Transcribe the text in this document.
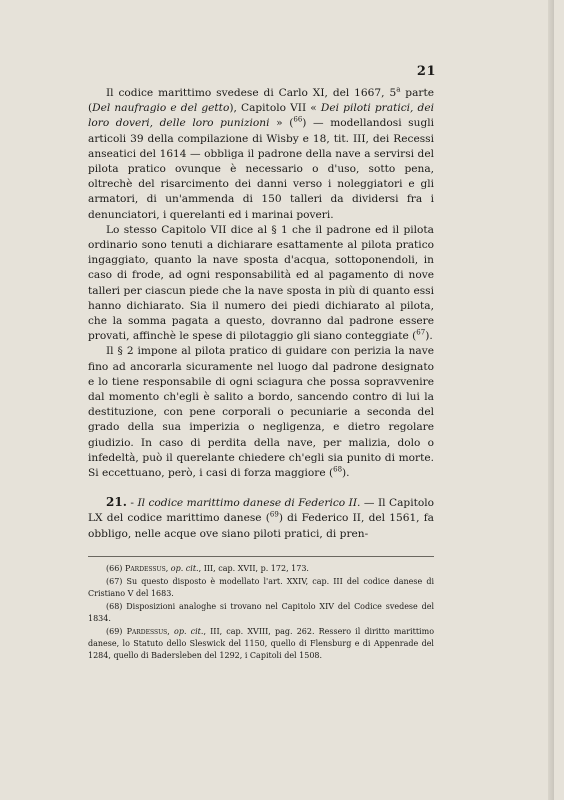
21

Il codice marittimo svedese di Carlo XI, del 1667, 5$^a$ parte (Del naufragio e del getto), Capitolo VII « Dei piloti pratici, dei loro doveri, delle loro punizioni » ($^{66}$) — modellandosi sugli articoli 39 della compilazione di Wisby e 18, tit. III, dei Recessi anseatici del 1614 — obbliga il padrone della nave a servirsi del pilota pratico ovunque è necessario o d'uso, sotto pena, oltrechè del risarcimento dei danni verso i noleggiatori e gli armatori, di un'ammenda di 150 talleri da dividersi fra i denunciatori, i querelanti ed i marinai poveri.

Lo stesso Capitolo VII dice al § 1 che il padrone ed il pilota ordinario sono tenuti a dichiarare esattamente al pilota pratico ingaggiato, quanto la nave sposta d'acqua, sottoponendoli, in caso di frode, ad ogni responsabilità ed al pagamento di nove talleri per ciascun piede che la nave sposta in più di quanto essi hanno dichiarato. Sia il numero dei piedi dichiarato al pilota, che la somma pagata a questo, dovranno dal padrone essere provati, affinchè le spese di pilotaggio gli siano conteggiate ($^{67}$).

Il § 2 impone al pilota pratico di guidare con perizia la nave fino ad ancorarla sicuramente nel luogo dal padrone designato e lo tiene responsabile di ogni sciagura che possa sopravvenire dal momento ch'egli è salito a bordo, sancendo contro di lui la destituzione, con pene corporali o pecuniarie a seconda del grado della sua imperizia o negligenza, e dietro regolare giudizio. In caso di perdita della nave, per malizia, dolo o infedeltà, può il querelante chiedere ch'egli sia punito di morte. Si eccettuano, però, i casi di forza maggiore ($^{68}$).

21. - Il codice marittimo danese di Federico II. — Il Capitolo LX del codice marittimo danese ($^{69}$) di Federico II, del 1561, fa obbligo, nelle acque ove siano piloti pratici, di pren-

(66) Pardessus, op. cit., III, cap. XVII, p. 172, 173.

(67) Su questo disposto è modellato l'art. XXIV, cap. III del codice danese di Cristiano V del 1683.

(68) Disposizioni analoghe si trovano nel Capitolo XIV del Codice svedese del 1834.

(69) Pardessus, op. cit., III, cap. XVIII, pag. 262. Ressero il diritto marittimo danese, lo Statuto dello Sleswick del 1150, quello di Flensburg e di Appenrade del 1284, quello di Badersleben del 1292, i Capitoli del 1508.
